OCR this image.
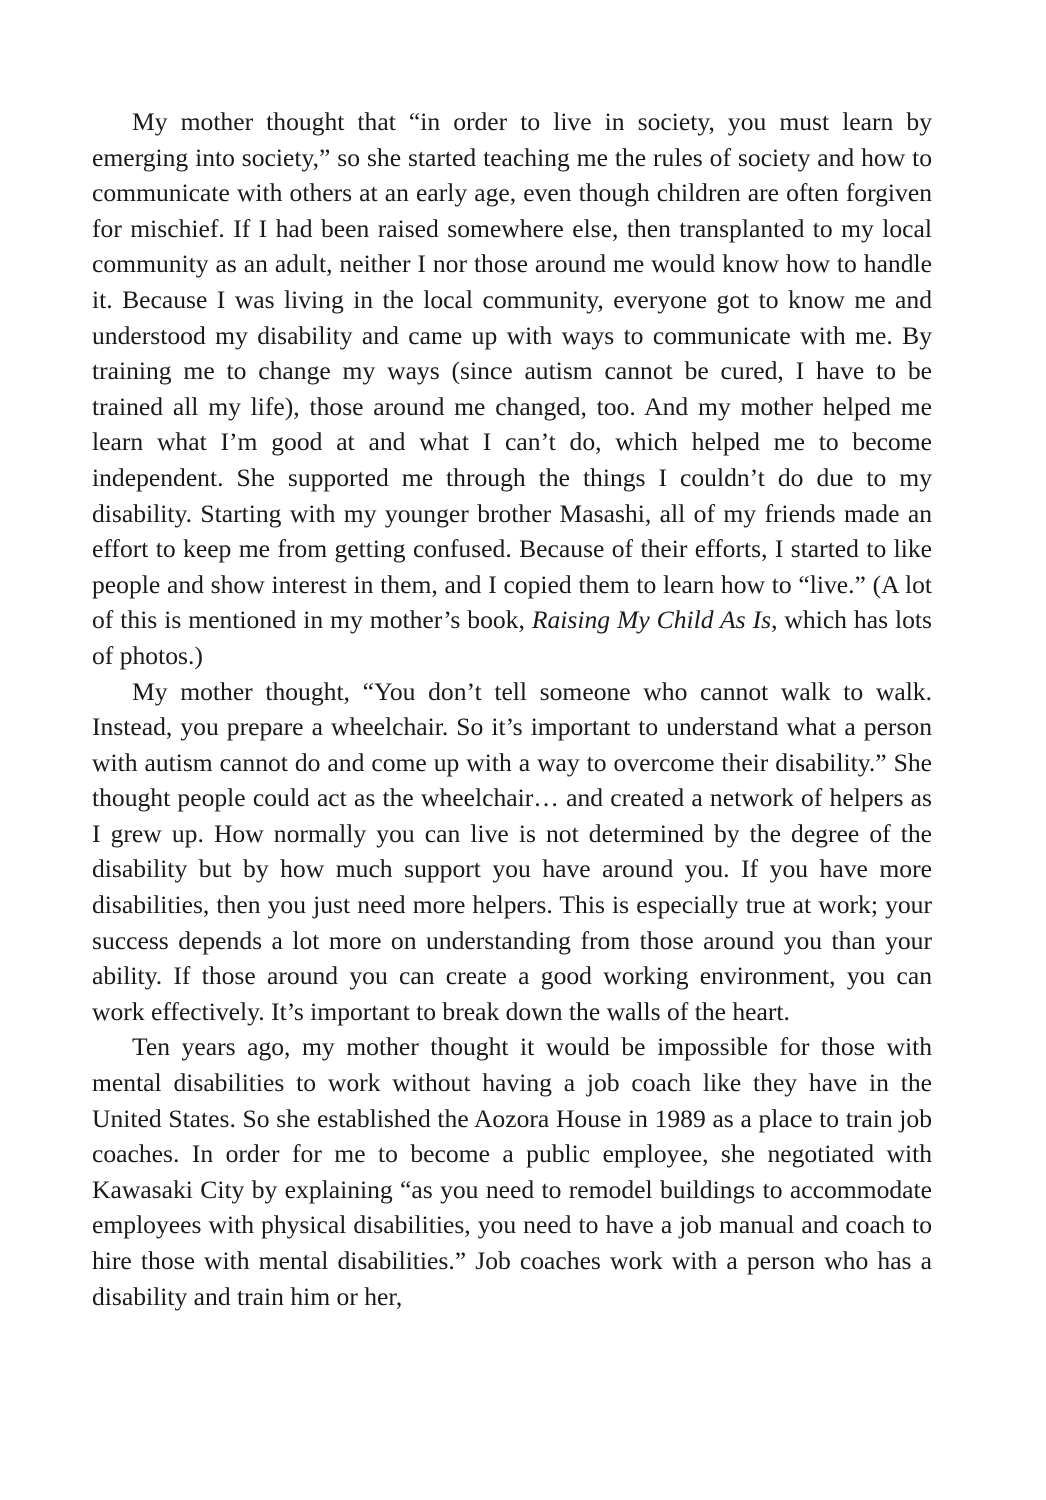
My mother thought that “in order to live in society, you must learn by emerging into society,” so she started teaching me the rules of society and how to communicate with others at an early age, even though children are often forgiven for mischief. If I had been raised somewhere else, then transplanted to my local community as an adult, neither I nor those around me would know how to handle it. Because I was living in the local community, everyone got to know me and understood my disability and came up with ways to communicate with me. By training me to change my ways (since autism cannot be cured, I have to be trained all my life), those around me changed, too. And my mother helped me learn what I’m good at and what I can’t do, which helped me to become independent. She supported me through the things I couldn’t do due to my disability. Starting with my younger brother Masashi, all of my friends made an effort to keep me from getting confused. Because of their efforts, I started to like people and show interest in them, and I copied them to learn how to “live.” (A lot of this is mentioned in my mother’s book, Raising My Child As Is, which has lots of photos.)

My mother thought, “You don’t tell someone who cannot walk to walk. Instead, you prepare a wheelchair. So it’s important to understand what a person with autism cannot do and come up with a way to overcome their disability.” She thought people could act as the wheelchair… and created a network of helpers as I grew up. How normally you can live is not determined by the degree of the disability but by how much support you have around you. If you have more disabilities, then you just need more helpers. This is especially true at work; your success depends a lot more on understanding from those around you than your ability. If those around you can create a good working environment, you can work effectively. It’s important to break down the walls of the heart.

Ten years ago, my mother thought it would be impossible for those with mental disabilities to work without having a job coach like they have in the United States. So she established the Aozora House in 1989 as a place to train job coaches. In order for me to become a public employee, she negotiated with Kawasaki City by explaining “as you need to remodel buildings to accommodate employees with physical disabilities, you need to have a job manual and coach to hire those with mental disabilities.” Job coaches work with a person who has a disability and train him or her,
